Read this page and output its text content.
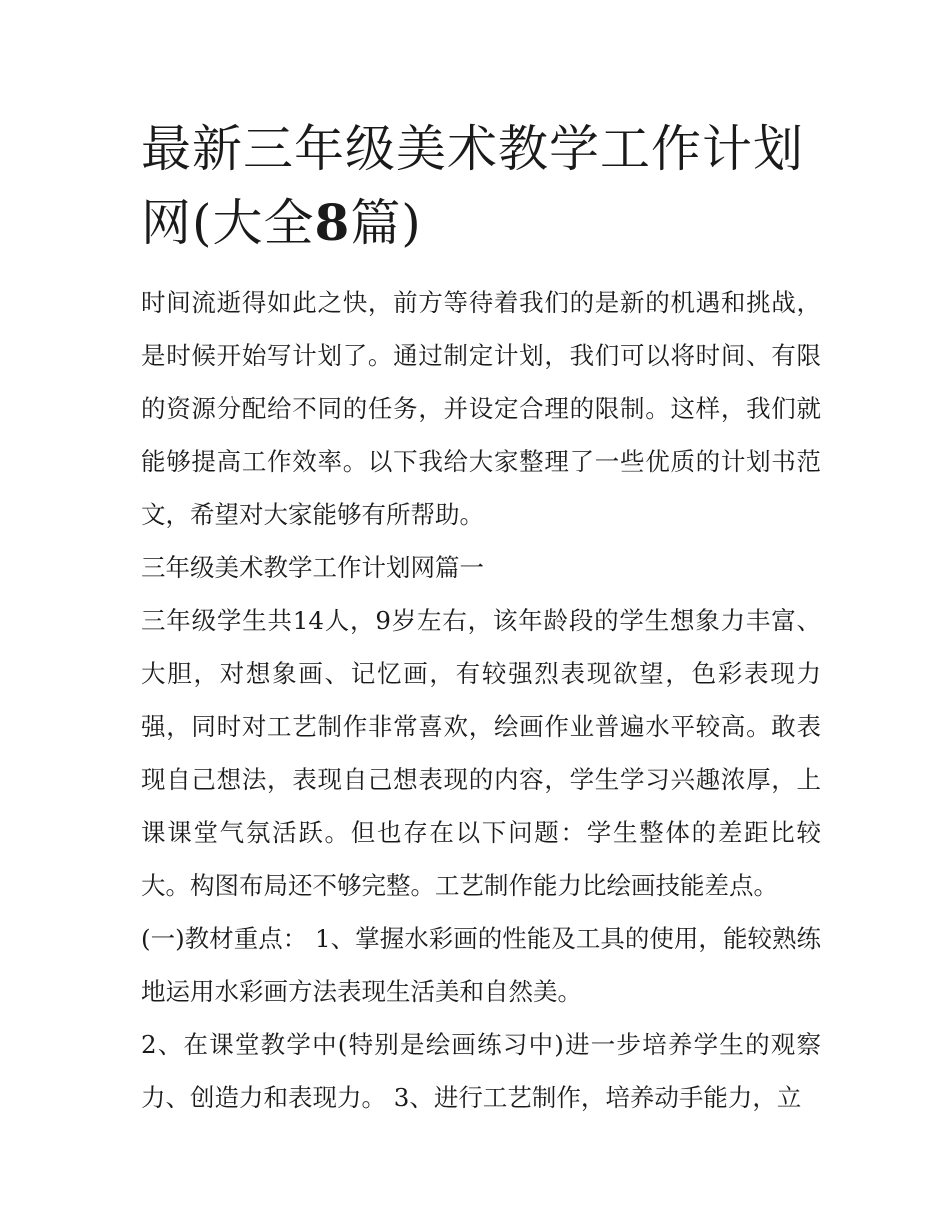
最新三年级美术教学工作计划
网(大全8篇)

时间流逝得如此之快，前方等待着我们的是新的机遇和挑战，是时候开始写计划了。通过制定计划，我们可以将时间、有限的资源分配给不同的任务，并设定合理的限制。这样，我们就能够提高工作效率。以下我给大家整理了一些优质的计划书范文，希望对大家能够有所帮助。

三年级美术教学工作计划网篇一

三年级学生共14人，9岁左右，该年龄段的学生想象力丰富、大胆，对想象画、记忆画，有较强烈表现欲望，色彩表现力强，同时对工艺制作非常喜欢，绘画作业普遍水平较高。敢表现自己想法，表现自己想表现的内容，学生学习兴趣浓厚，上课课堂气氛活跃。但也存在以下问题：学生整体的差距比较大。构图布局还不够完整。工艺制作能力比绘画技能差点。

(一)教材重点： 1、掌握水彩画的性能及工具的使用，能较熟练地运用水彩画方法表现生活美和自然美。

2、在课堂教学中(特别是绘画练习中)进一步培养学生的观察力、创造力和表现力。 3、进行工艺制作，培养动手能力，立
